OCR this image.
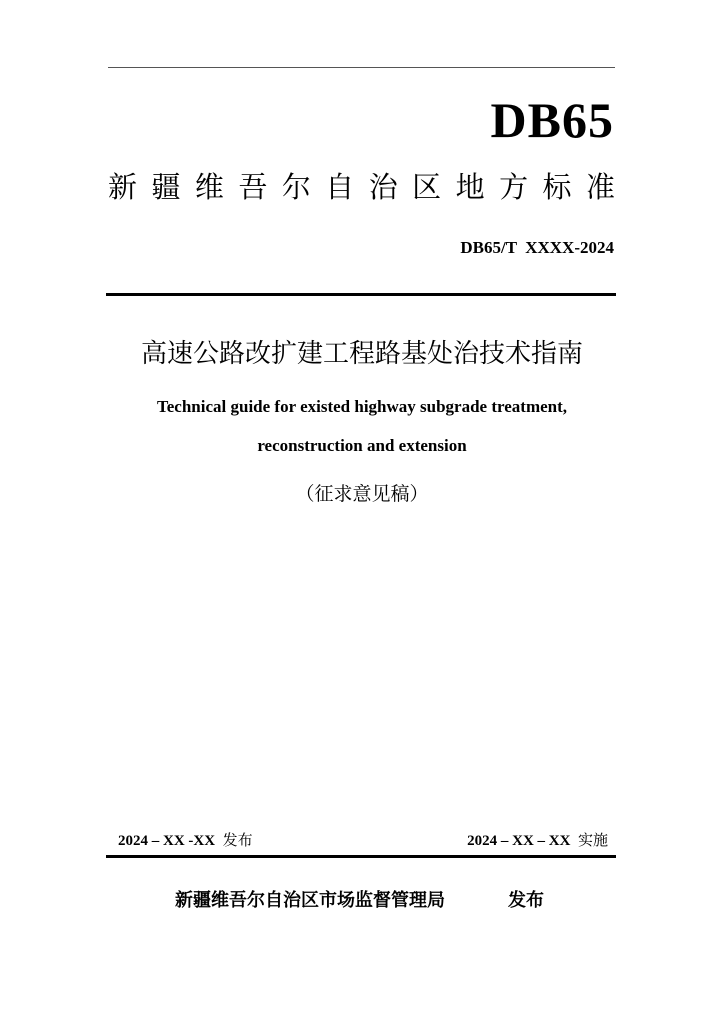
DB65
新 疆 维 吾 尔 自 治 区 地 方 标 准
DB65/T  XXXX-2024
高速公路改扩建工程路基处治技术指南
Technical guide for existed highway subgrade treatment,
reconstruction and extension
（征求意见稿）
2024 – XX -XX 发布	2024 – XX – XX 实施
新疆维吾尔自治区市场监督管理局	发布
